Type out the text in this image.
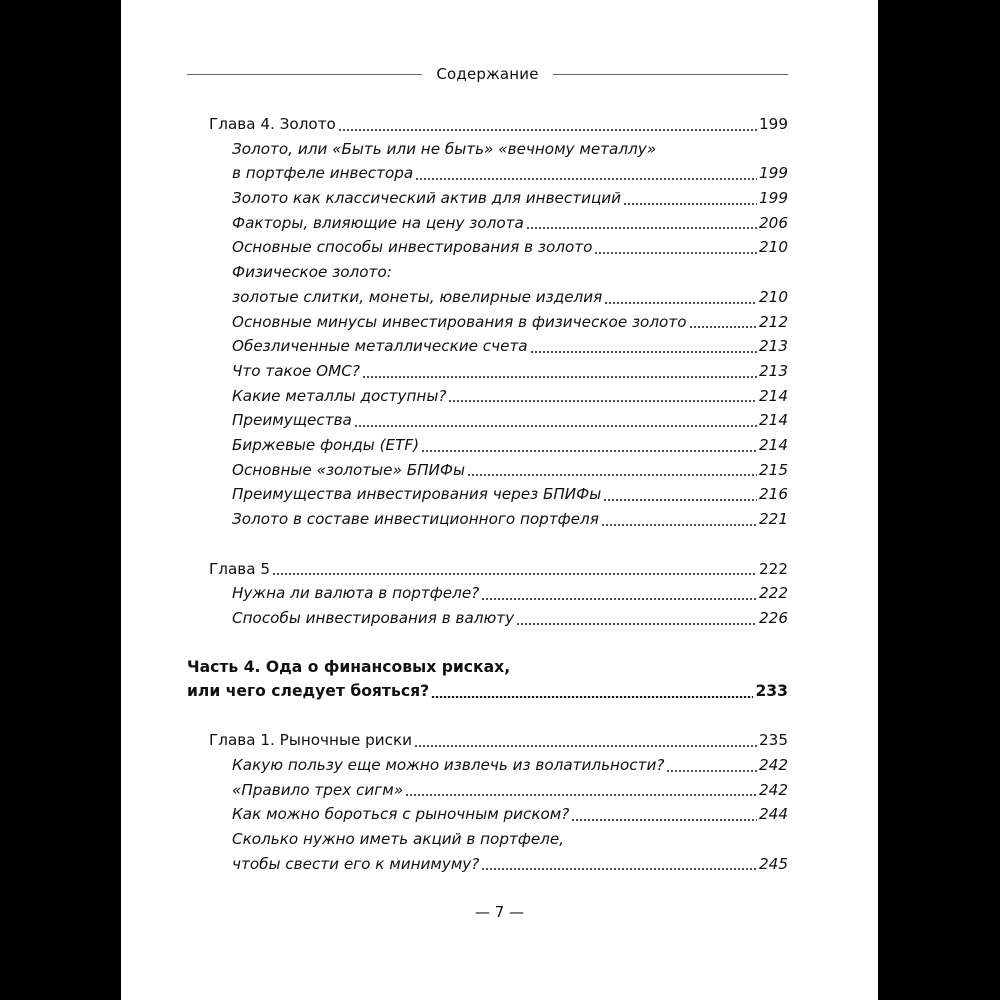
Содержание
Глава 4. Золото	199
Золото, или «Быть или не быть» «вечному металлу»
в портфеле инвестора	199
Золото как классический актив для инвестиций	199
Факторы, влияющие на цену золота	206
Основные способы инвестирования в золото	210
Физическое золото:
золотые слитки, монеты, ювелирные изделия	210
Основные минусы инвестирования в физическое золото	212
Обезличенные металлические счета	213
Что такое ОМС?	213
Какие металлы доступны?	214
Преимущества	214
Биржевые фонды (ETF)	214
Основные «золотые» БПИФы	215
Преимущества инвестирования через БПИФы	216
Золото в составе инвестиционного портфеля	221
Глава 5	222
Нужна ли валюта в портфеле?	222
Способы инвестирования в валюту	226
Часть 4. Ода о финансовых рисках,
или чего следует бояться?	233
Глава 1. Рыночные риски	235
Какую пользу еще можно извлечь из волатильности?	242
«Правило трех сигм»	242
Как можно бороться с рыночным риском?	244
Сколько нужно иметь акций в портфеле,
чтобы свести его к минимуму?	245
— 7 —
